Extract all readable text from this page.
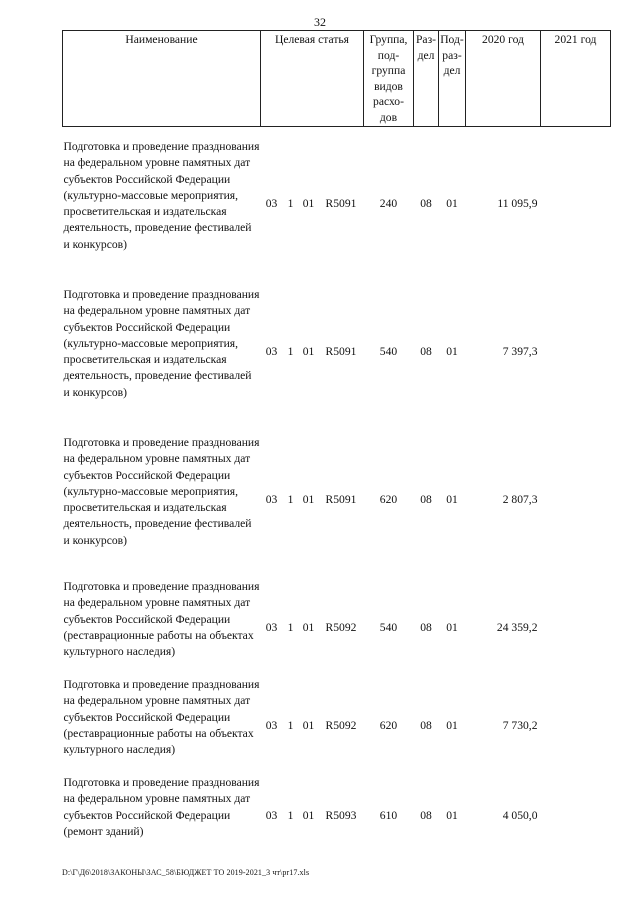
32
Наименование	Целевая статья				Группа, под- группа видов расхо- дов	Раз- дел	Под- раз- дел	2020 год	2021 год

Подготовка и проведение празднования на федеральном уровне памятных дат субъектов Российской Федерации (культурно-массовые мероприятия, просветительская и издательская деятельность, проведение фестивалей и конкурсов)	03	1	01	R5091	240	08	01	11 095,9	

Подготовка и проведение празднования на федеральном уровне памятных дат субъектов Российской Федерации (культурно-массовые мероприятия, просветительская и издательская деятельность, проведение фестивалей и конкурсов)	03	1	01	R5091	540	08	01	7 397,3	

Подготовка и проведение празднования на федеральном уровне памятных дат субъектов Российской Федерации (культурно-массовые мероприятия, просветительская и издательская деятельность, проведение фестивалей и конкурсов)	03	1	01	R5091	620	08	01	2 807,3	

Подготовка и проведение празднования на федеральном уровне памятных дат субъектов Российской Федерации (реставрационные работы на объектах культурного наследия)	03	1	01	R5092	540	08	01	24 359,2	
Подготовка и проведение празднования на федеральном уровне памятных дат субъектов Российской Федерации (реставрационные работы на объектах культурного наследия)	03	1	01	R5092	620	08	01	7 730,2	
Подготовка и проведение празднования на федеральном уровне памятных дат субъектов Российской Федерации (ремонт зданий)	03	1	01	R5093	610	08	01	4 050,0	
D:\Г\Д6\2018\ЗАКОНЫ\ЗАС_58\БЮДЖЕТ ТО 2019-2021_3 чт\pr17.xls
